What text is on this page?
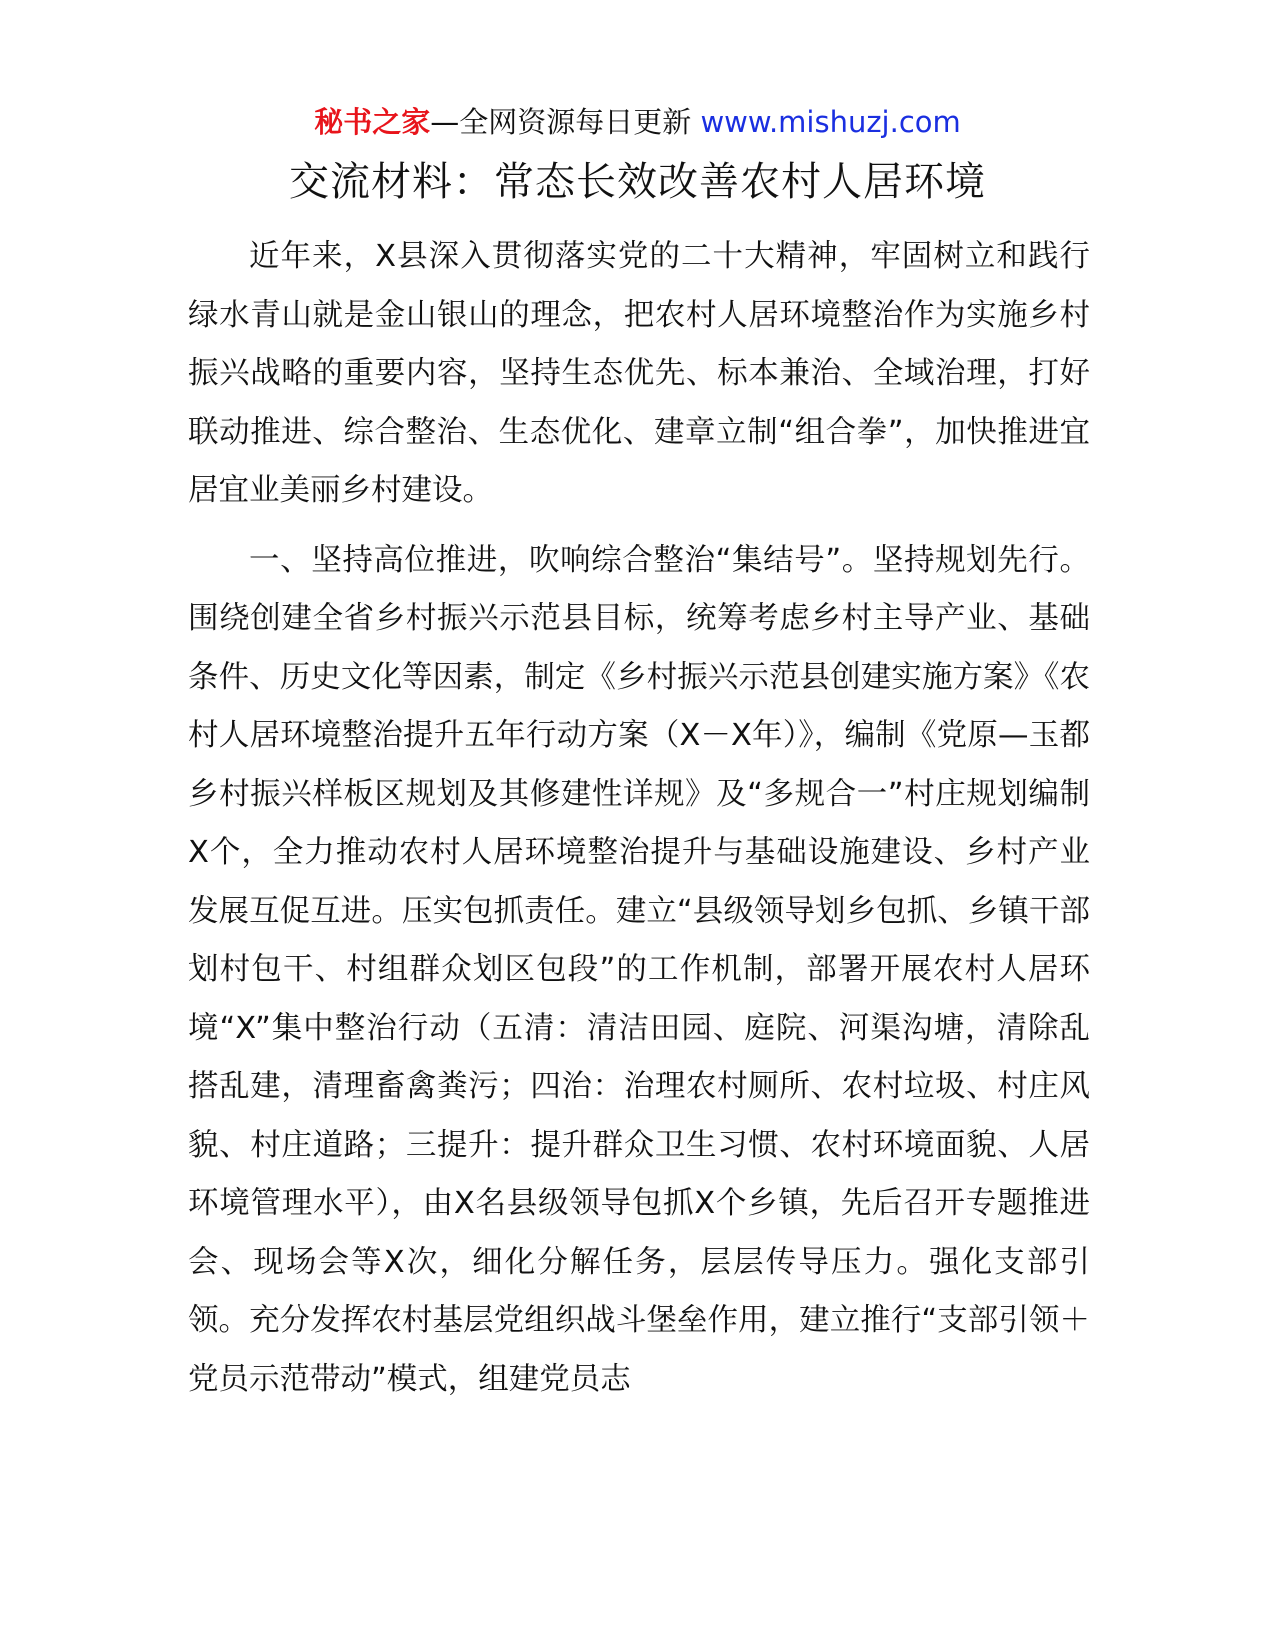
秘书之家—全网资源每日更新 www.mishuzj.com
交流材料：常态长效改善农村人居环境

近年来，X县深入贯彻落实党的二十大精神，牢固树立和践行绿水青山就是金山银山的理念，把农村人居环境整治作为实施乡村振兴战略的重要内容，坚持生态优先、标本兼治、全域治理，打好联动推进、综合整治、生态优化、建章立制“组合拳”，加快推进宜居宜业美丽乡村建设。

一、坚持高位推进，吹响综合整治“集结号”。坚持规划先行。围绕创建全省乡村振兴示范县目标，统筹考虑乡村主导产业、基础条件、历史文化等因素，制定《乡村振兴示范县创建实施方案》《农村人居环境整治提升五年行动方案（X－X年）》，编制《党原—玉都乡村振兴样板区规划及其修建性详规》及“多规合一”村庄规划编制X个，全力推动农村人居环境整治提升与基础设施建设、乡村产业发展互促互进。压实包抓责任。建立“县级领导划乡包抓、乡镇干部划村包干、村组群众划区包段”的工作机制，部署开展农村人居环境“X”集中整治行动（五清：清洁田园、庭院、河渠沟塘，清除乱搭乱建，清理畜禽粪污；四治：治理农村厕所、农村垃圾、村庄风貌、村庄道路；三提升：提升群众卫生习惯、农村环境面貌、人居环境管理水平），由X名县级领导包抓X个乡镇，先后召开专题推进会、现场会等X次，细化分解任务，层层传导压力。强化支部引领。充分发挥农村基层党组织战斗堡垒作用，建立推行“支部引领＋党员示范带动”模式，组建党员志
